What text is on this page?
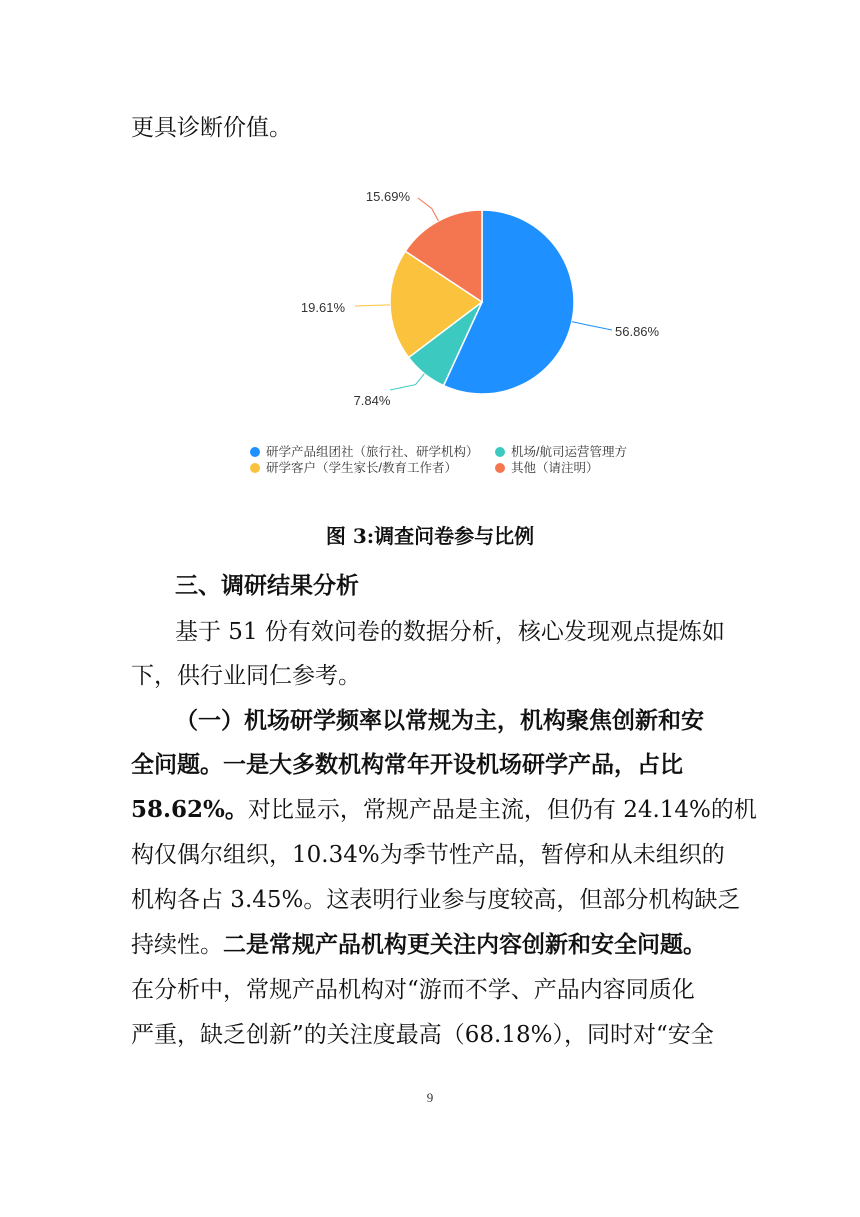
更具诊断价值。
56.86%
7.84%
19.61%
15.69%
研学产品组团社（旅行社、研学机构）	机场/航司运营管理方
研学客户（学生家长/教育工作者）	其他（请注明）
图 3:调查问卷参与比例
三、调研结果分析
基于 51 份有效问卷的数据分析，核心发现观点提炼如
下，供行业同仁参考。
（一）机场研学频率以常规为主，机构聚焦创新和安
全问题。一是大多数机构常年开设机场研学产品，占比
58.62%。对比显示，常规产品是主流，但仍有 24.14%的机
构仅偶尔组织，10.34%为季节性产品，暂停和从未组织的
机构各占 3.45%。这表明行业参与度较高，但部分机构缺乏
持续性。二是常规产品机构更关注内容创新和安全问题。
在分析中，常规产品机构对“游而不学、产品内容同质化
严重，缺乏创新”的关注度最高（68.18%），同时对“安全
9
